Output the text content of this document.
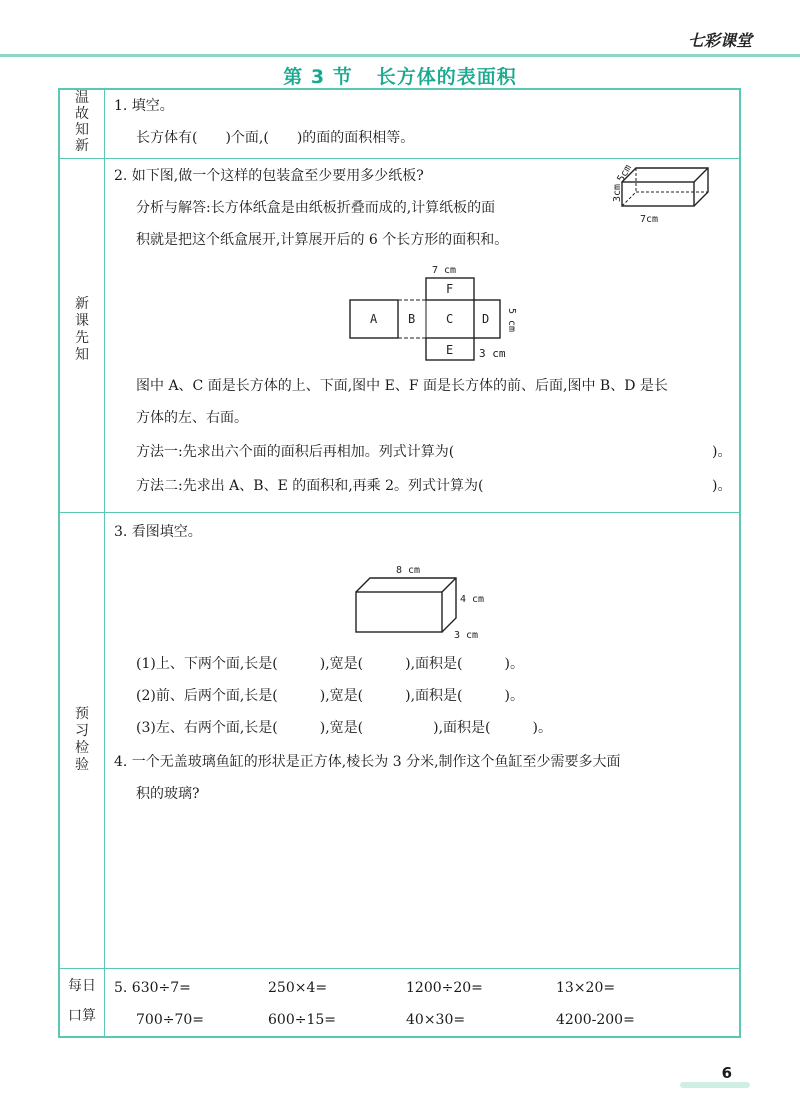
七彩课堂
第 3 节 长方体的表面积
温故知新
新课先知
预习检验
每日
口算
1. 填空。
长方体有(　　)个面,(　　)的面的面积相等。
2. 如下图,做一个这样的包装盒至少要用多少纸板?
分析与解答:长方体纸盒是由纸板折叠而成的,计算纸板的面
积就是把这个纸盒展开,计算展开后的 6 个长方形的面积和。
7cm
3cm
5cm
A	B	C D
E
F
7 cm
5 cm
3 cm
图中 A、C 面是长方体的上、下面,图中 E、F 面是长方体的前、后面,图中 B、D 是长
方体的左、右面。
方法一:先求出六个面的面积后再相加。列式计算为(	)。
方法二:先求出 A、B、E 的面积和,再乘 2。列式计算为(	)。
3. 看图填空。
8 cm
4 cm
3 cm
(1)上、下两个面,长是(　　　),宽是(　　　),面积是(　　　)。
(2)前、后两个面,长是(　　　),宽是(　　　),面积是(　　　)。
(3)左、右两个面,长是(　　　),宽是(　　　　　),面积是(　　　)。
4. 一个无盖玻璃鱼缸的形状是正方体,棱长为 3 分米,制作这个鱼缸至少需要多大面
积的玻璃?
5. 630÷7=	250×4=	1200÷20=	13×20=
700÷70=	600÷15=	40×30=	4200-200=
6
